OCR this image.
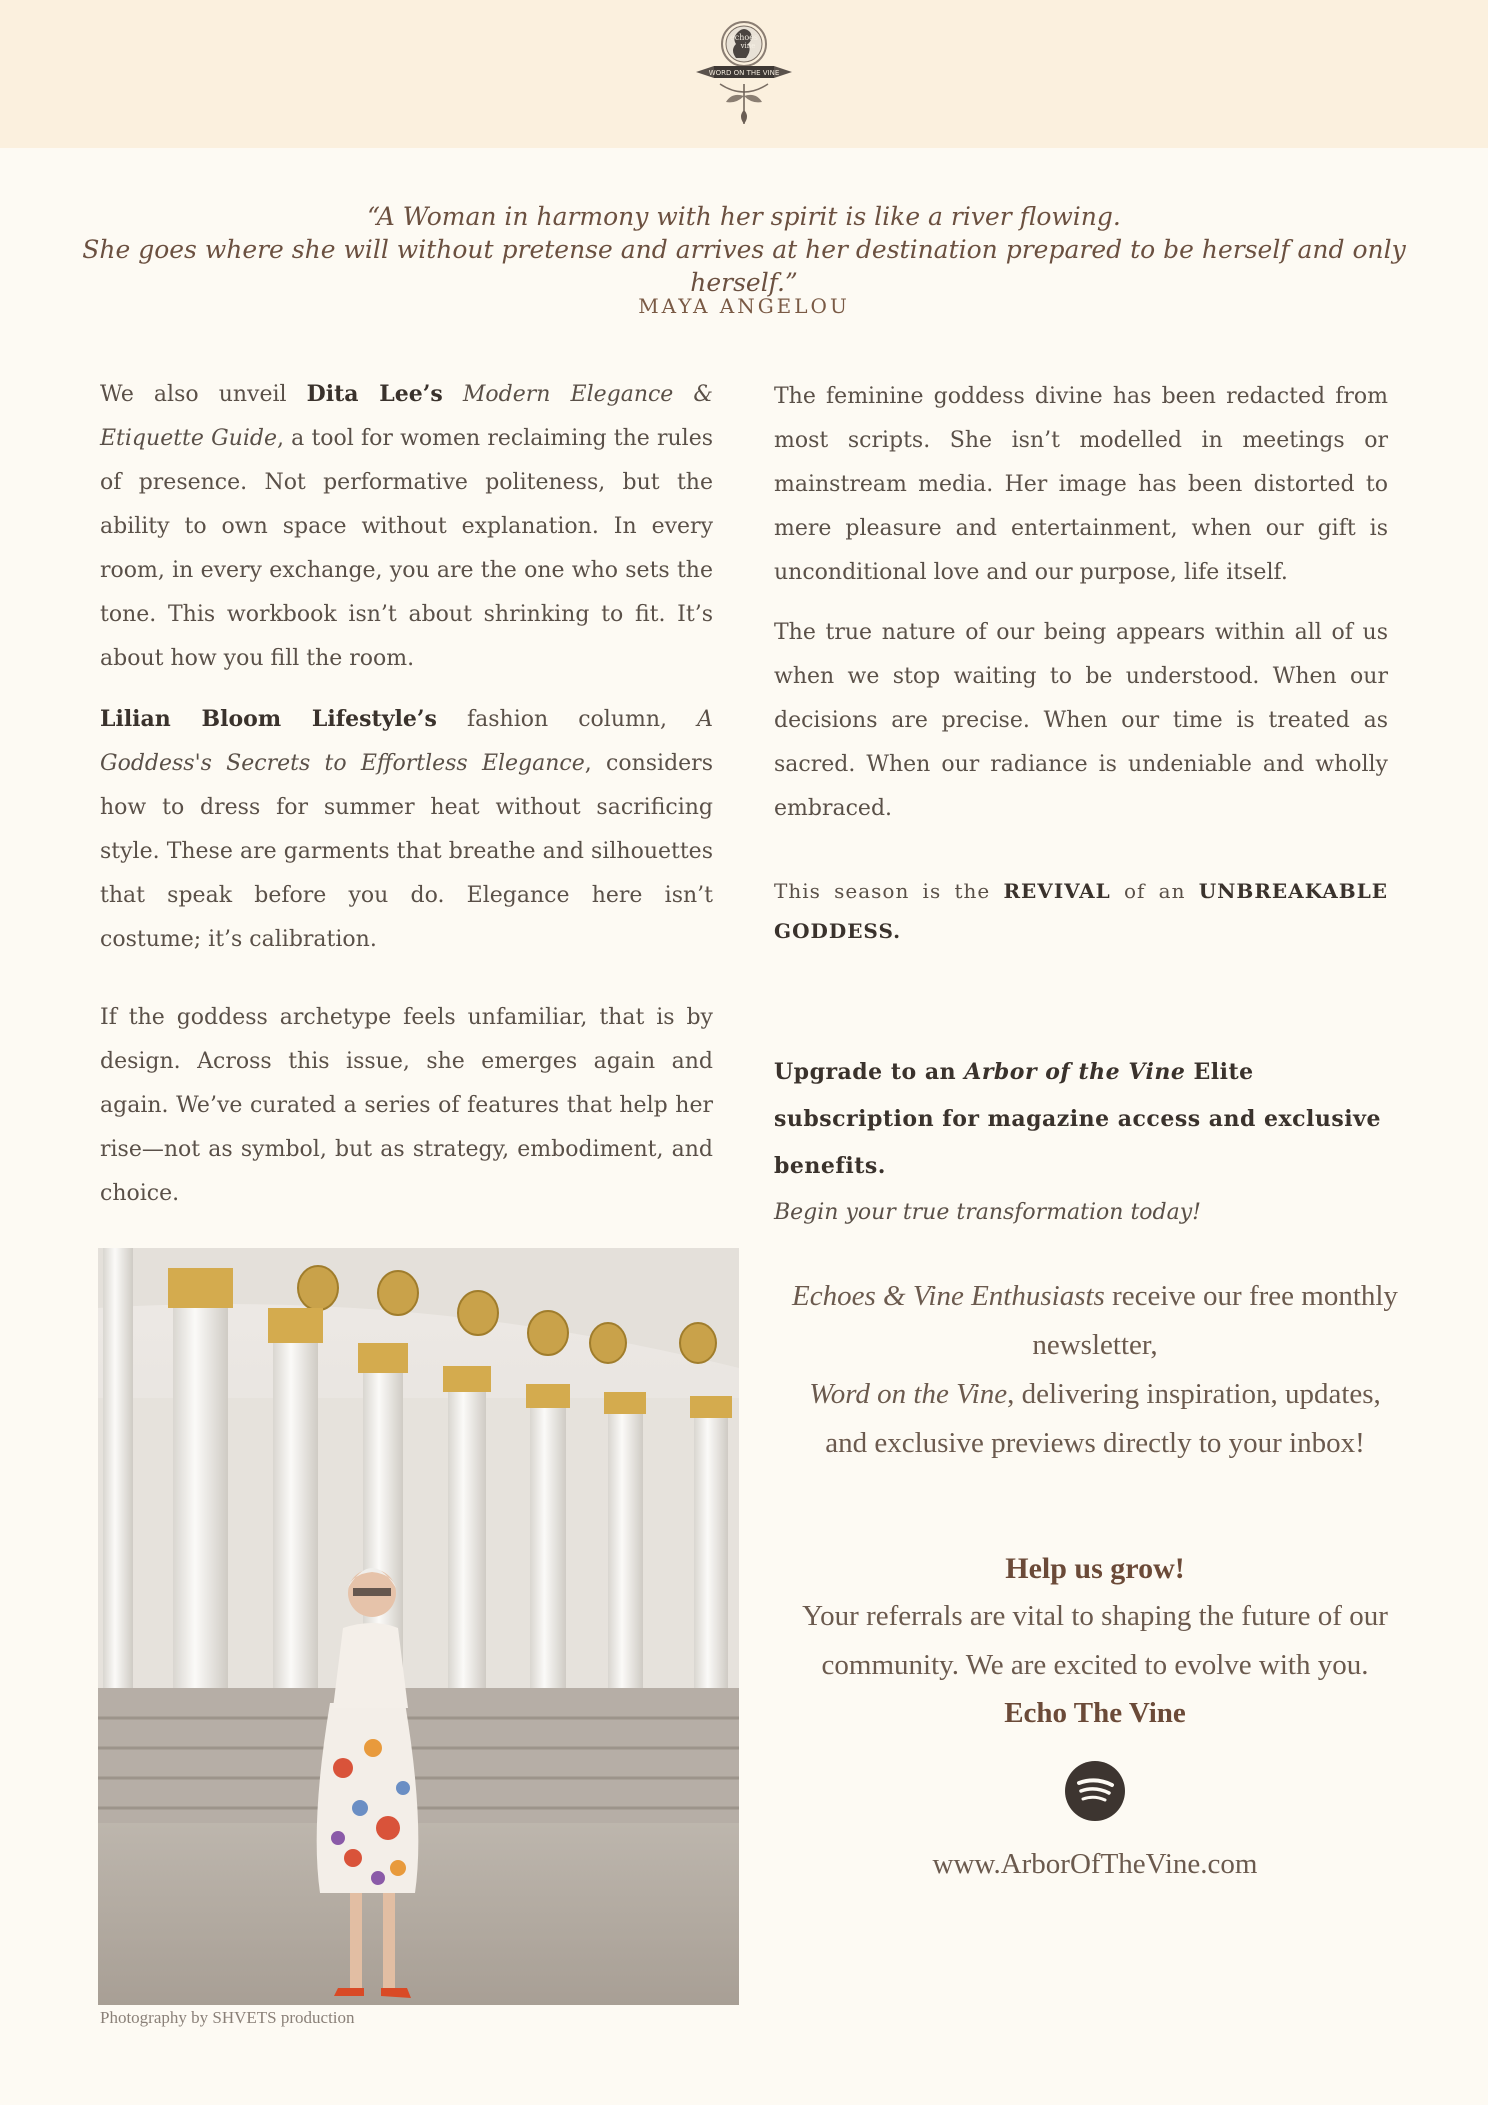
echoes
vine
WORD ON THE VINE
“A Woman in harmony with her spirit is like a river flowing.
She goes where she will without pretense and arrives at her destination prepared to be herself and only herself.”
MAYA ANGELOU

We also unveil Dita Lee’s Modern Elegance & Etiquette Guide, a tool for women reclaiming the rules of presence. Not performative politeness, but the ability to own space without explanation. In every room, in every exchange, you are the one who sets the tone. This workbook isn’t about shrinking to fit. It’s about how you fill the room.

Lilian Bloom Lifestyle’s fashion column, A Goddess's Secrets to Effortless Elegance, considers how to dress for summer heat without sacrificing style. These are garments that breathe and silhouettes that speak before you do. Elegance here isn’t costume; it’s calibration.

If the goddess archetype feels unfamiliar, that is by design. Across this issue, she emerges again and again. We’ve curated a series of features that help her rise—not as symbol, but as strategy, embodiment, and choice.

The feminine goddess divine has been redacted from most scripts. She isn’t modelled in meetings or mainstream media. Her image has been distorted to mere pleasure and entertainment, when our gift is unconditional love and our purpose, life itself.

The true nature of our being appears within all of us when we stop waiting to be understood. When our decisions are precise. When our time is treated as sacred. When our radiance is undeniable and wholly embraced.

This season is the REVIVAL of an UNBREAKABLE GODDESS.

Upgrade to an Arbor of the Vine Elite subscription for magazine access and exclusive benefits.
Begin your true transformation today!

Photography by SHVETS production
Echoes & Vine Enthusiasts receive our free monthly newsletter,
Word on the Vine, delivering inspiration, updates, and exclusive previews directly to your inbox!
Help us grow!
Your referrals are vital to shaping the future of our community. We are excited to evolve with you.
Echo The Vine
www.ArborOfTheVine.com
